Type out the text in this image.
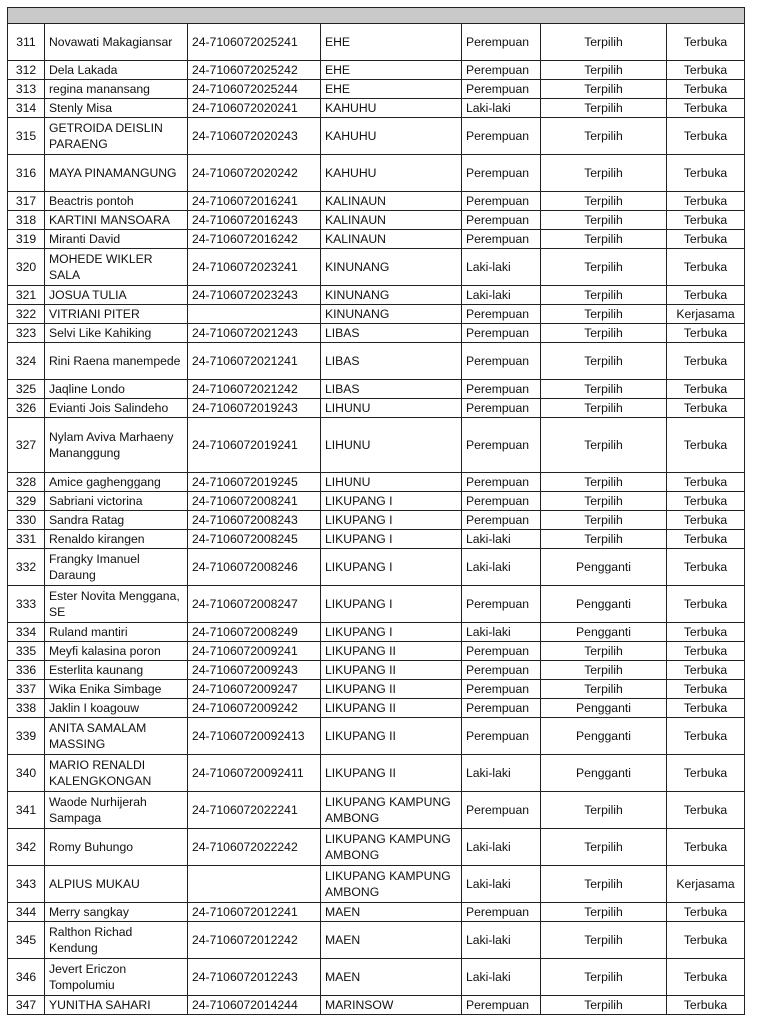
311	Novawati Makagiansar	24-7106072025241	EHE	Perempuan	Terpilih	Terbuka
312	Dela Lakada	24-7106072025242	EHE	Perempuan	Terpilih	Terbuka
313	regina manansang	24-7106072025244	EHE	Perempuan	Terpilih	Terbuka
314	Stenly Misa	24-7106072020241	KAHUHU	Laki-laki	Terpilih	Terbuka
315	GETROIDA DEISLIN PARAENG	24-7106072020243	KAHUHU	Perempuan	Terpilih	Terbuka
316	MAYA PINAMANGUNG	24-7106072020242	KAHUHU	Perempuan	Terpilih	Terbuka
317	Beactris pontoh	24-7106072016241	KALINAUN	Perempuan	Terpilih	Terbuka
318	KARTINI MANSOARA	24-7106072016243	KALINAUN	Perempuan	Terpilih	Terbuka
319	Miranti David	24-7106072016242	KALINAUN	Perempuan	Terpilih	Terbuka
320	MOHEDE WIKLER SALA	24-7106072023241	KINUNANG	Laki-laki	Terpilih	Terbuka
321	JOSUA TULIA	24-7106072023243	KINUNANG	Laki-laki	Terpilih	Terbuka
322	VITRIANI PITER		KINUNANG	Perempuan	Terpilih	Kerjasama
323	Selvi Like Kahiking	24-7106072021243	LIBAS	Perempuan	Terpilih	Terbuka
324	Rini Raena manempede	24-7106072021241	LIBAS	Perempuan	Terpilih	Terbuka
325	Jaqline Londo	24-7106072021242	LIBAS	Perempuan	Terpilih	Terbuka
326	Evianti Jois Salindeho	24-7106072019243	LIHUNU	Perempuan	Terpilih	Terbuka
327	Nylam Aviva Marhaeny Mananggung	24-7106072019241	LIHUNU	Perempuan	Terpilih	Terbuka
328	Amice gaghenggang	24-7106072019245	LIHUNU	Perempuan	Terpilih	Terbuka
329	Sabriani victorina	24-7106072008241	LIKUPANG I	Perempuan	Terpilih	Terbuka
330	Sandra Ratag	24-7106072008243	LIKUPANG I	Perempuan	Terpilih	Terbuka
331	Renaldo kirangen	24-7106072008245	LIKUPANG I	Laki-laki	Terpilih	Terbuka
332	Frangky Imanuel Daraung	24-7106072008246	LIKUPANG I	Laki-laki	Pengganti	Terbuka
333	Ester Novita Menggana, SE	24-7106072008247	LIKUPANG I	Perempuan	Pengganti	Terbuka
334	Ruland mantiri	24-7106072008249	LIKUPANG I	Laki-laki	Pengganti	Terbuka
335	Meyfi kalasina poron	24-7106072009241	LIKUPANG II	Perempuan	Terpilih	Terbuka
336	Esterlita kaunang	24-7106072009243	LIKUPANG II	Perempuan	Terpilih	Terbuka
337	Wika Enika Simbage	24-7106072009247	LIKUPANG II	Perempuan	Terpilih	Terbuka
338	Jaklin I koagouw	24-7106072009242	LIKUPANG II	Perempuan	Pengganti	Terbuka
339	ANITA SAMALAM MASSING	24-71060720092413	LIKUPANG II	Perempuan	Pengganti	Terbuka
340	MARIO RENALDI KALENGKONGAN	24-71060720092411	LIKUPANG II	Laki-laki	Pengganti	Terbuka
341	Waode Nurhijerah Sampaga	24-7106072022241	LIKUPANG KAMPUNG AMBONG	Perempuan	Terpilih	Terbuka
342	Romy Buhungo	24-7106072022242	LIKUPANG KAMPUNG AMBONG	Laki-laki	Terpilih	Terbuka
343	ALPIUS MUKAU		LIKUPANG KAMPUNG AMBONG	Laki-laki	Terpilih	Kerjasama
344	Merry sangkay	24-7106072012241	MAEN	Perempuan	Terpilih	Terbuka
345	Ralthon Richad Kendung	24-7106072012242	MAEN	Laki-laki	Terpilih	Terbuka
346	Jevert Ericzon Tompolumiu	24-7106072012243	MAEN	Laki-laki	Terpilih	Terbuka
347	YUNITHA SAHARI	24-7106072014244	MARINSOW	Perempuan	Terpilih	Terbuka
